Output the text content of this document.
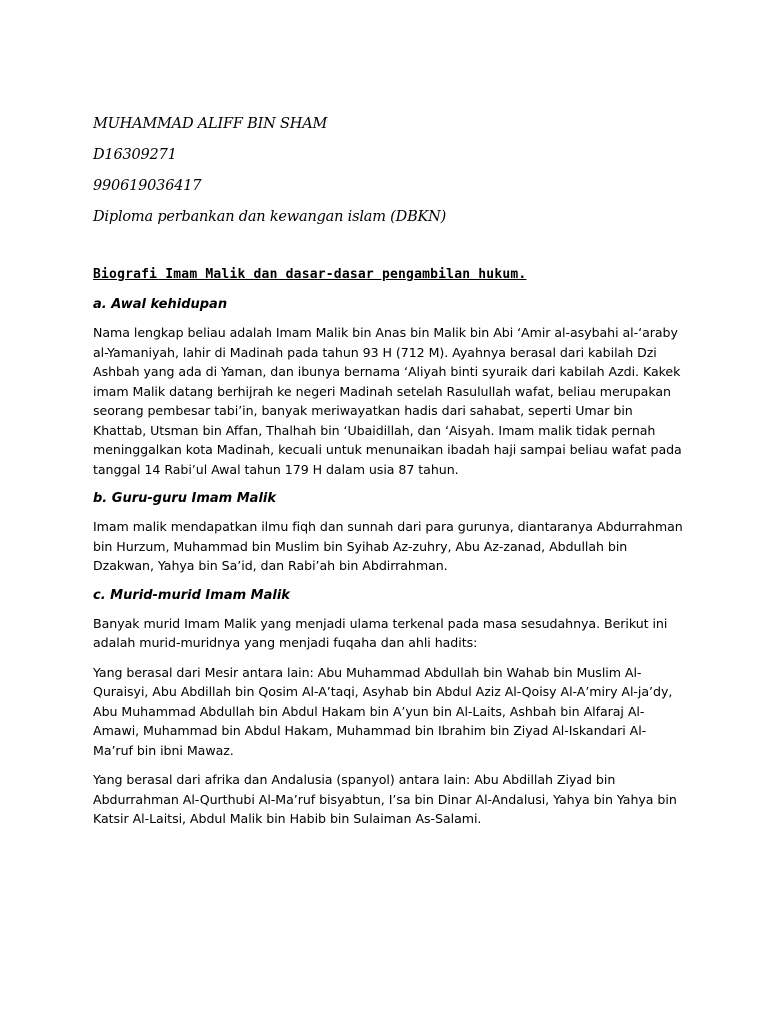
MUHAMMAD ALIFF BIN SHAM

D16309271

990619036417

Diploma perbankan dan kewangan islam (DBKN)

Biografi Imam Malik dan dasar-dasar pengambilan hukum.
a. Awal kehidupan

Nama lengkap beliau adalah Imam Malik bin Anas bin Malik bin Abi ‘Amir al-asybahi al-‘araby al-Yamaniyah, lahir di Madinah pada tahun 93 H (712 M). Ayahnya berasal dari kabilah Dzi Ashbah yang ada di Yaman, dan ibunya bernama ‘Aliyah binti syuraik dari kabilah Azdi. Kakek imam Malik datang berhijrah ke negeri Madinah setelah Rasulullah wafat, beliau merupakan seorang pembesar tabi’in, banyak meriwayatkan hadis dari sahabat, seperti Umar bin Khattab, Utsman bin Affan, Thalhah bin ‘Ubaidillah, dan ‘Aisyah. Imam malik tidak pernah meninggalkan kota Madinah, kecuali untuk menunaikan ibadah haji sampai beliau wafat pada tanggal 14 Rabi’ul Awal tahun 179 H dalam usia 87 tahun.

b. Guru-guru Imam Malik

Imam malik mendapatkan ilmu fiqh dan sunnah dari para gurunya, diantaranya Abdurrahman bin Hurzum, Muhammad bin Muslim bin Syihab Az-zuhry, Abu Az-zanad, Abdullah bin Dzakwan, Yahya bin Sa’id, dan Rabi’ah bin Abdirrahman.

c. Murid-murid Imam Malik

Banyak murid Imam Malik yang menjadi ulama terkenal pada masa sesudahnya. Berikut ini adalah murid-muridnya yang menjadi fuqaha dan ahli hadits:

Yang berasal dari Mesir antara lain: Abu Muhammad Abdullah bin Wahab bin Muslim Al-Quraisyi, Abu Abdillah bin Qosim Al-A’taqi, Asyhab bin Abdul Aziz Al-Qoisy Al-A’miry Al-ja’dy, Abu Muhammad Abdullah bin Abdul Hakam bin A’yun bin Al-Laits, Ashbah bin Alfaraj Al-Amawi, Muhammad bin Abdul Hakam, Muhammad bin Ibrahim bin Ziyad Al-Iskandari Al-Ma’ruf bin ibni Mawaz.

Yang berasal dari afrika dan Andalusia (spanyol) antara lain: Abu Abdillah Ziyad bin Abdurrahman Al-Qurthubi Al-Ma’ruf bisyabtun, I’sa bin Dinar Al-Andalusi, Yahya bin Yahya bin Katsir Al-Laitsi, Abdul Malik bin Habib bin Sulaiman As-Salami.
